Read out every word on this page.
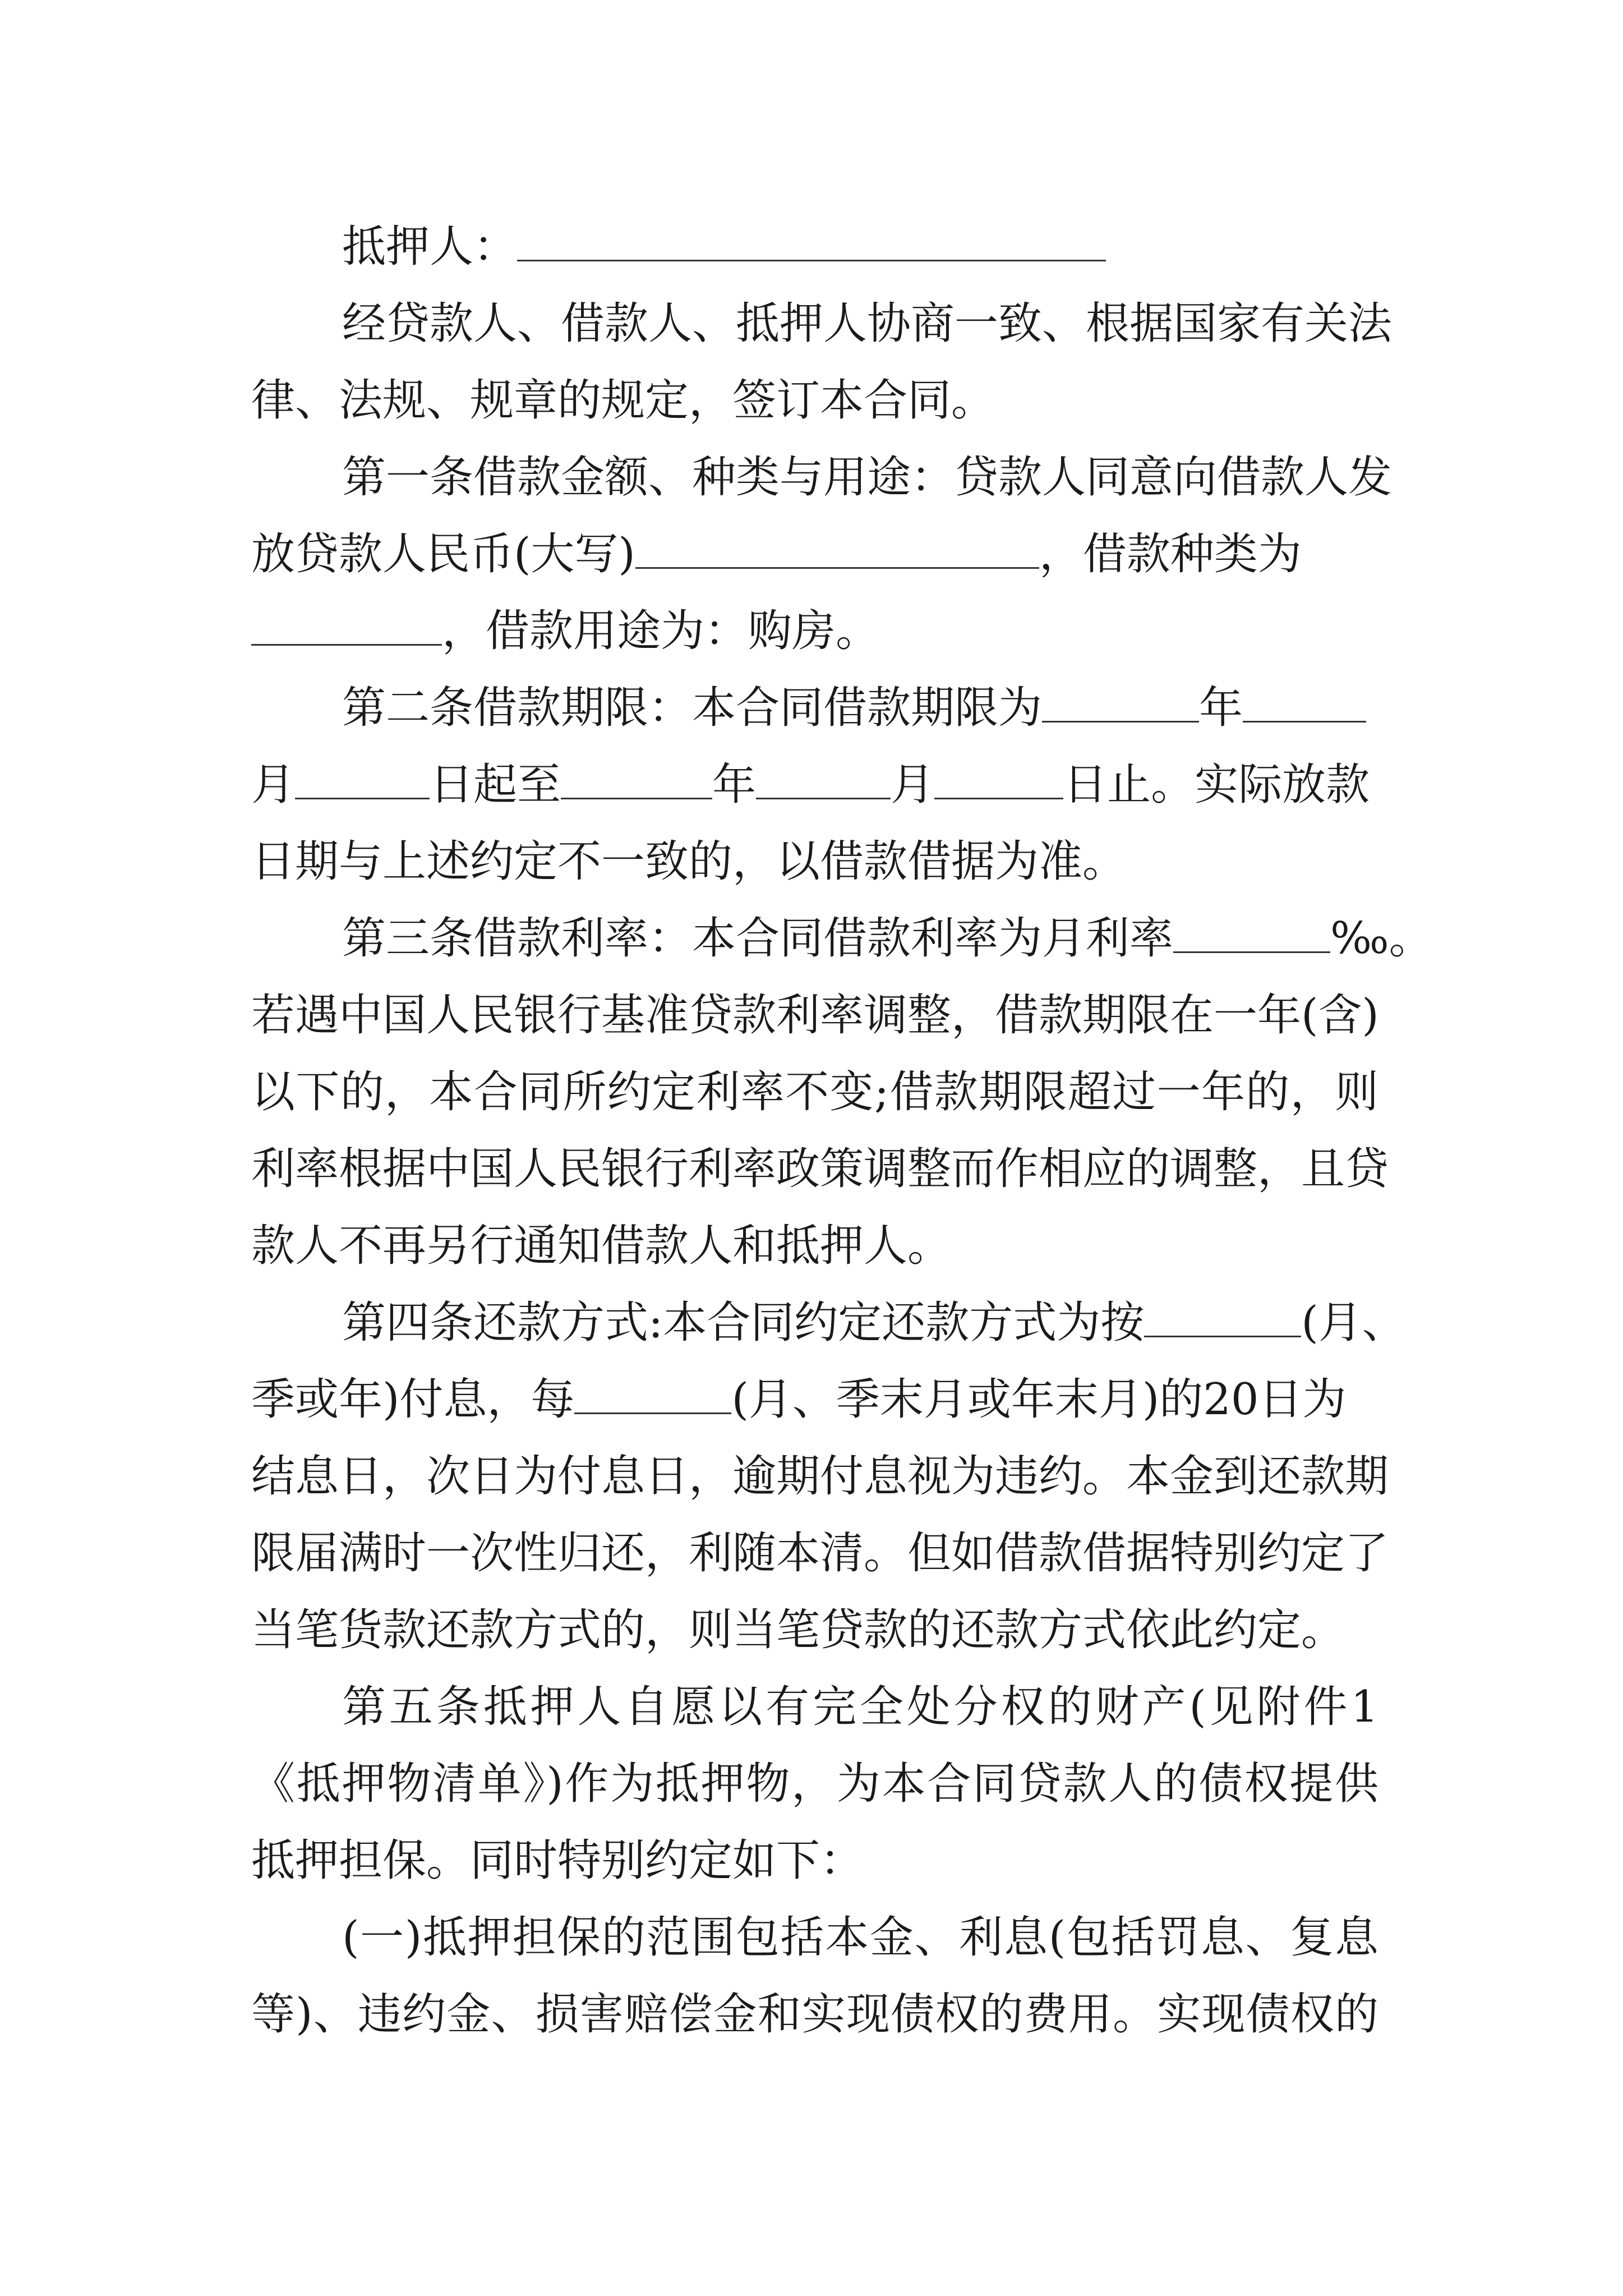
抵押人：
经贷款人、借款人、抵押人协商一致、根据国家有关法
律、法规、规章的规定，签订本合同。
第一条借款金额、种类与用途：贷款人同意向借款人发
放贷款人民币(大写)	，借款种类为
，借款用途为：购房。
第二条借款期限：本合同借款期限为	年
月	日起至	年	月	日止。实际放款
日期与上述约定不一致的，以借款借据为准。
第三条借款利率：本合同借款利率为月利率	‰。
若遇中国人民银行基准贷款利率调整，借款期限在一年(含)
以下的，本合同所约定利率不变;借款期限超过一年的，则
利率根据中国人民银行利率政策调整而作相应的调整，且贷
款人不再另行通知借款人和抵押人。
第四条还款方式:本合同约定还款方式为按	(月、
季或年)付息，每	(月、季末月或年末月)的20日为
结息日，次日为付息日，逾期付息视为违约。本金到还款期
限届满时一次性归还，利随本清。但如借款借据特别约定了
当笔货款还款方式的，则当笔贷款的还款方式依此约定。
第五条抵押人自愿以有完全处分权的财产(见附件1
《抵押物清单》)作为抵押物，为本合同贷款人的债权提供
抵押担保。同时特别约定如下：
(一)抵押担保的范围包括本金、利息(包括罚息、复息
等)、违约金、损害赔偿金和实现债权的费用。实现债权的
